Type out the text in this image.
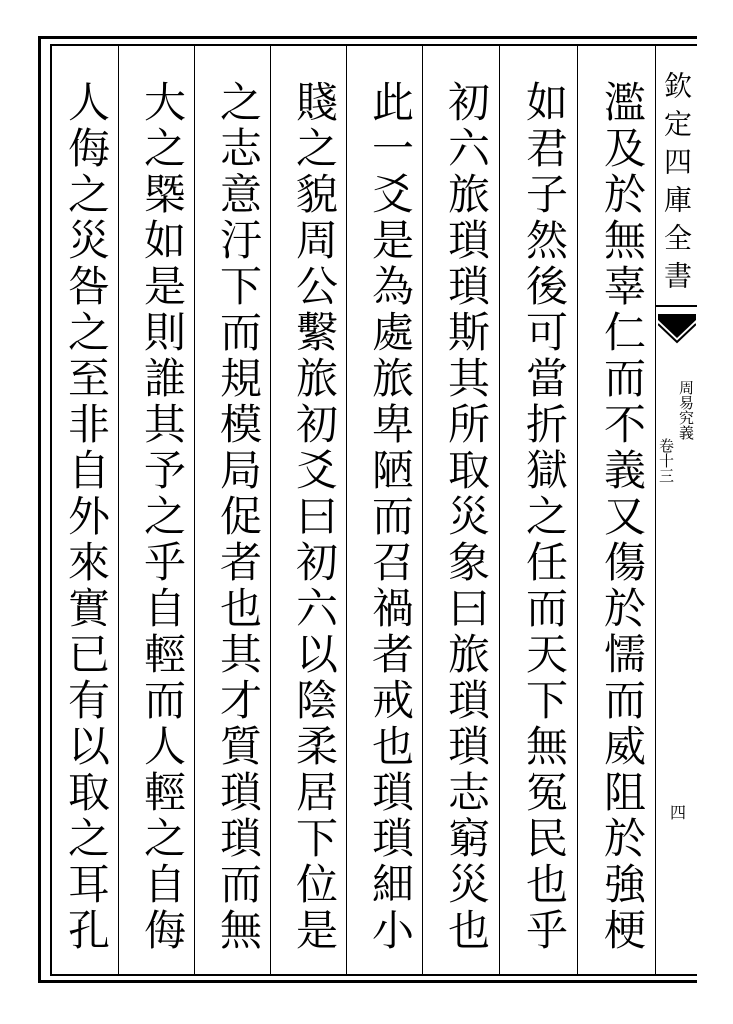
濫及於無辜仁而不義又傷於懦而威阻於強梗
如君子然後可當折獄之任而天下無冤民也乎
初六旅瑣瑣斯其所取災象曰旅瑣瑣志窮災也
此一爻是為處旅卑陋而召禍者戒也瑣瑣細小
賤之貌周公繫旅初爻曰初六以陰柔居下位是
之志意汙下而規模局促者也其才質瑣瑣而無
大之槩如是則誰其予之乎自輕而人輕之自侮
人侮之災咎之至非自外來實已有以取之耳孔
欽定四庫全書
周易究義
卷十三
四
